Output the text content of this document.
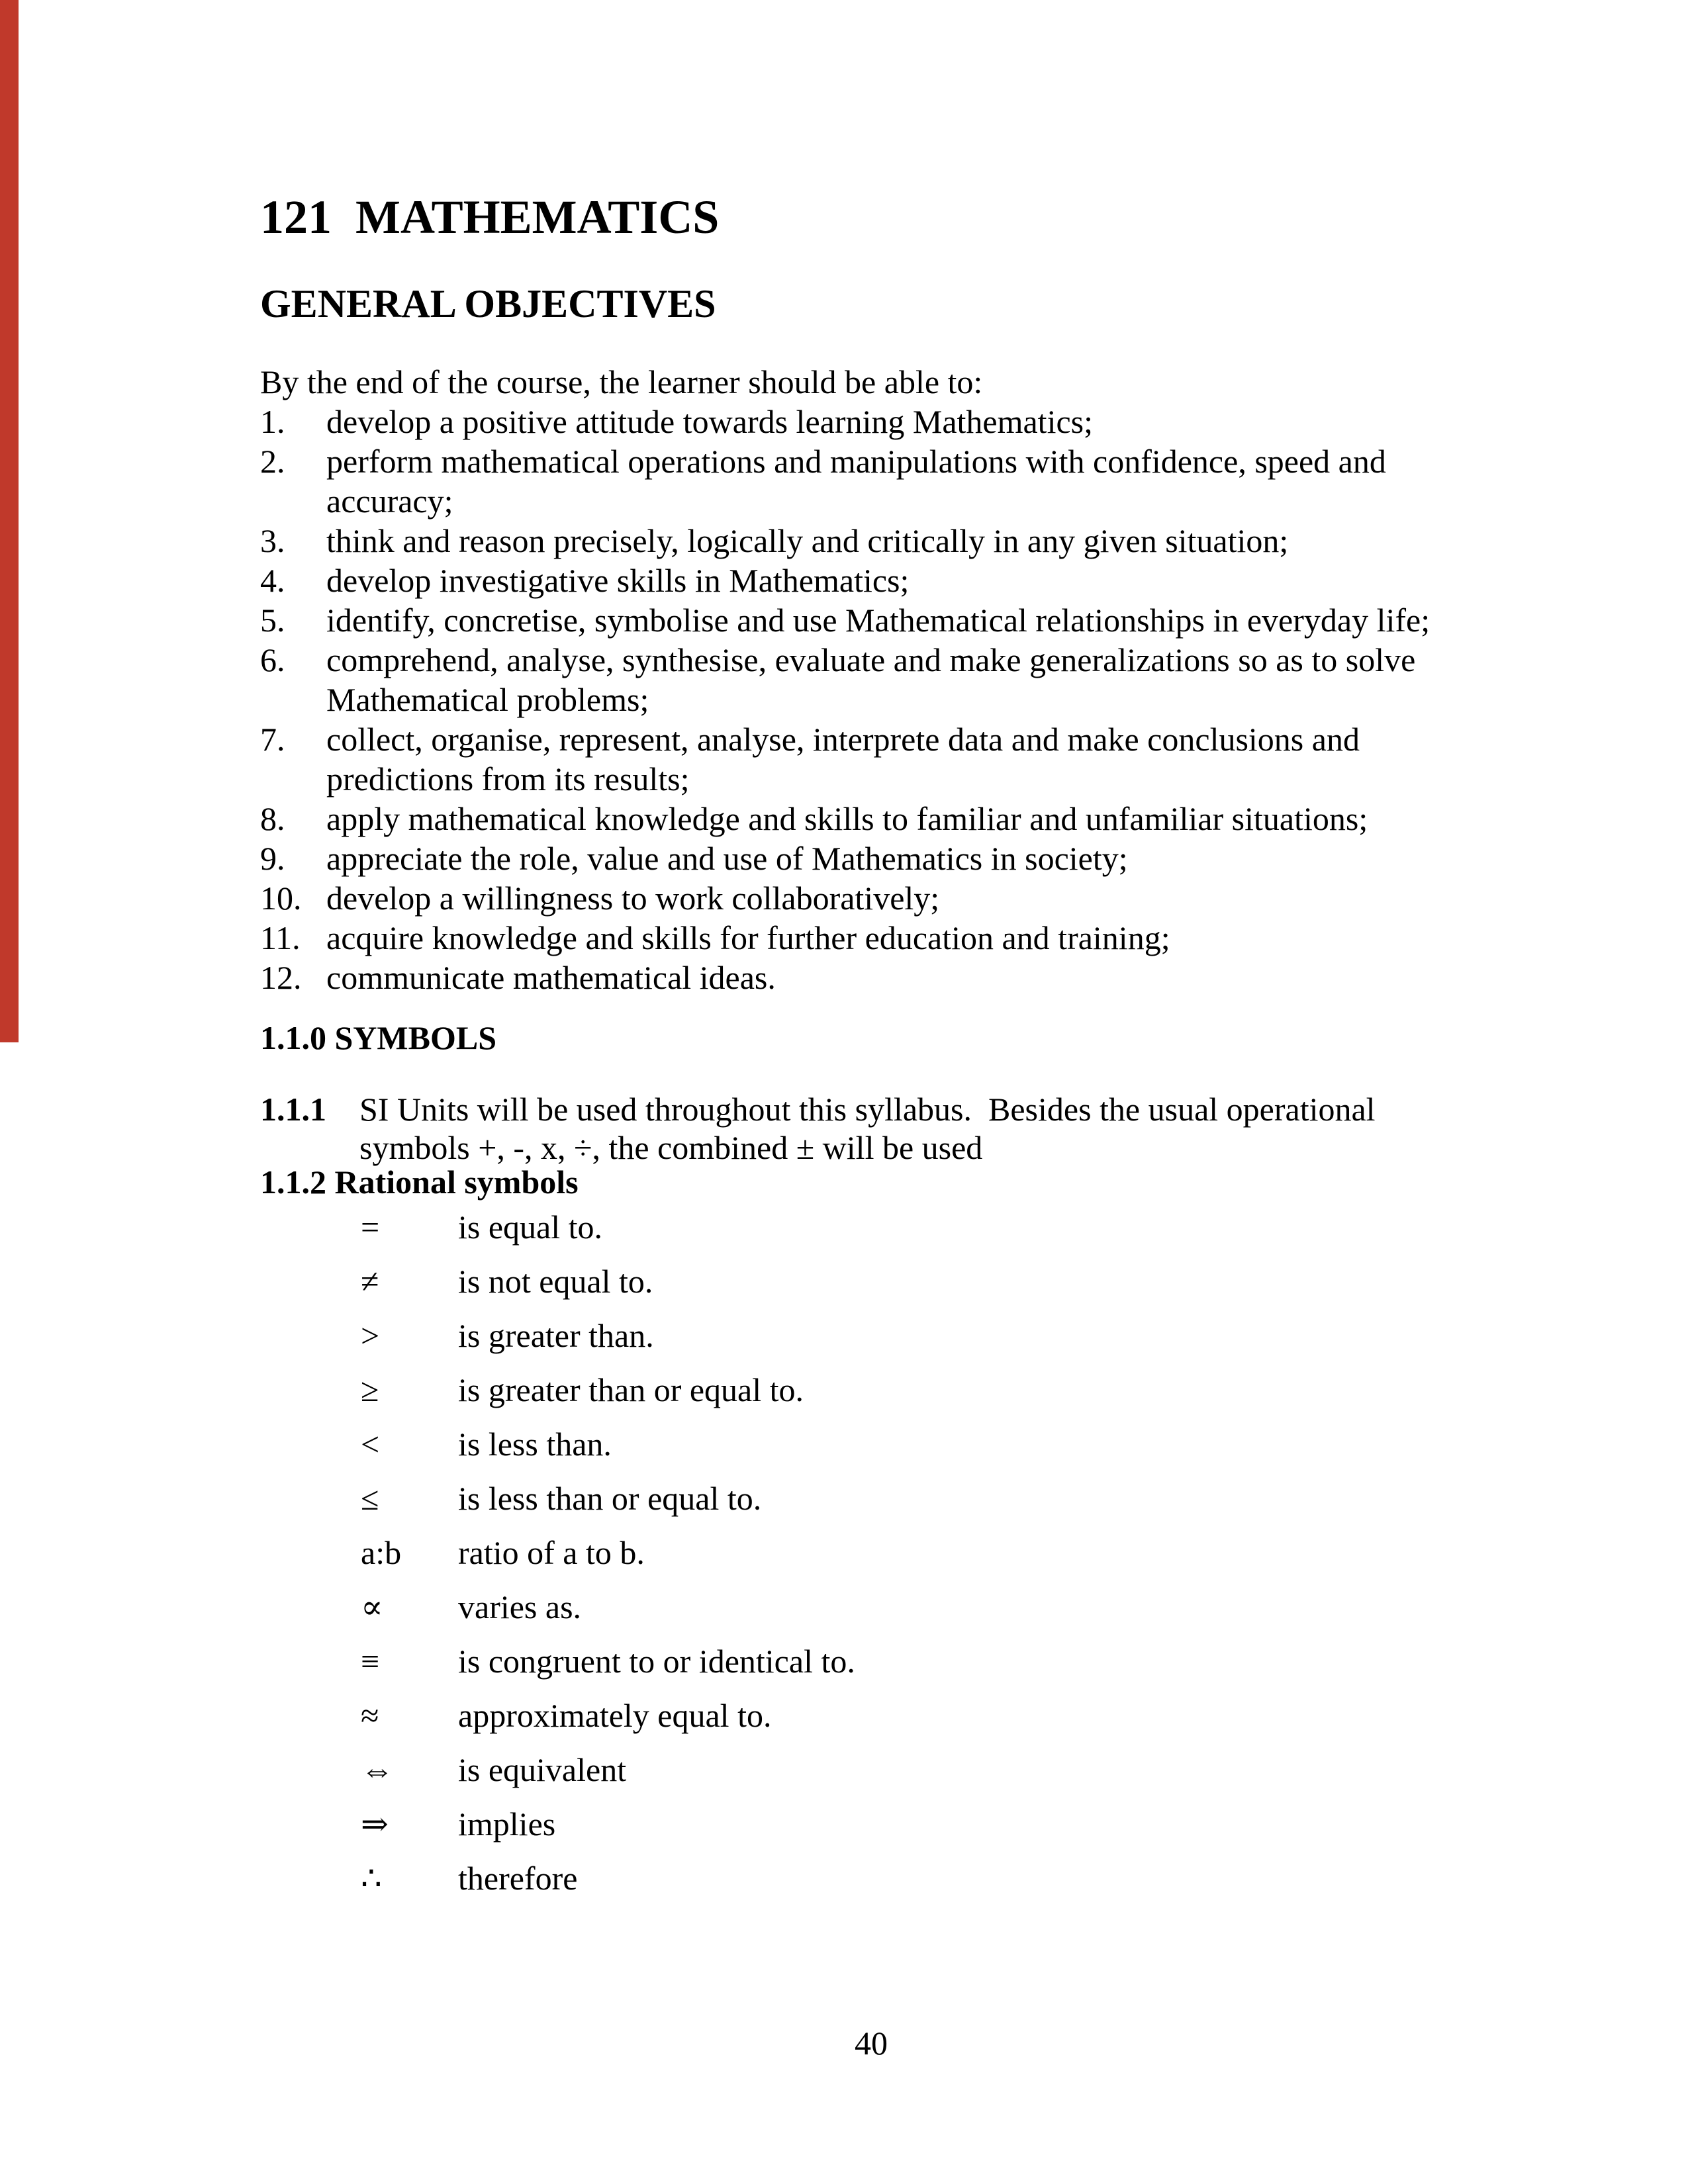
121  MATHEMATICS
GENERAL OBJECTIVES
By the end of the course, the learner should be able to:
1. develop a positive attitude towards learning Mathematics;
2. perform mathematical operations and manipulations with confidence, speed and
accuracy;
3. think and reason precisely, logically and critically in any given situation;
4. develop investigative skills in Mathematics;
5. identify, concretise, symbolise and use Mathematical relationships in everyday life;
6. comprehend, analyse, synthesise, evaluate and make generalizations so as to solve
Mathematical problems;
7. collect, organise, represent, analyse, interprete data and make conclusions and
predictions from its results;
8. apply mathematical knowledge and skills to familiar and unfamiliar situations;
9. appreciate the role, value and use of Mathematics in society;
10. develop a willingness to work collaboratively;
11. acquire knowledge and skills for further education and training;
12. communicate mathematical ideas.
1.1.0 SYMBOLS
1.1.1 SI Units will be used throughout this syllabus.  Besides the usual operational
symbols +, -, x, ÷, the combined ± will be used
1.1.2 Rational symbols
= is equal to.
≠ is not equal to.
> is greater than.
≥ is greater than or equal to.
< is less than.
≤ is less than or equal to.
a:b ratio of a to b.
∝ varies as.
≡ is congruent to or identical to.
≈ approximately equal to.
⇔ is equivalent
⇒ implies
∴ therefore
40
